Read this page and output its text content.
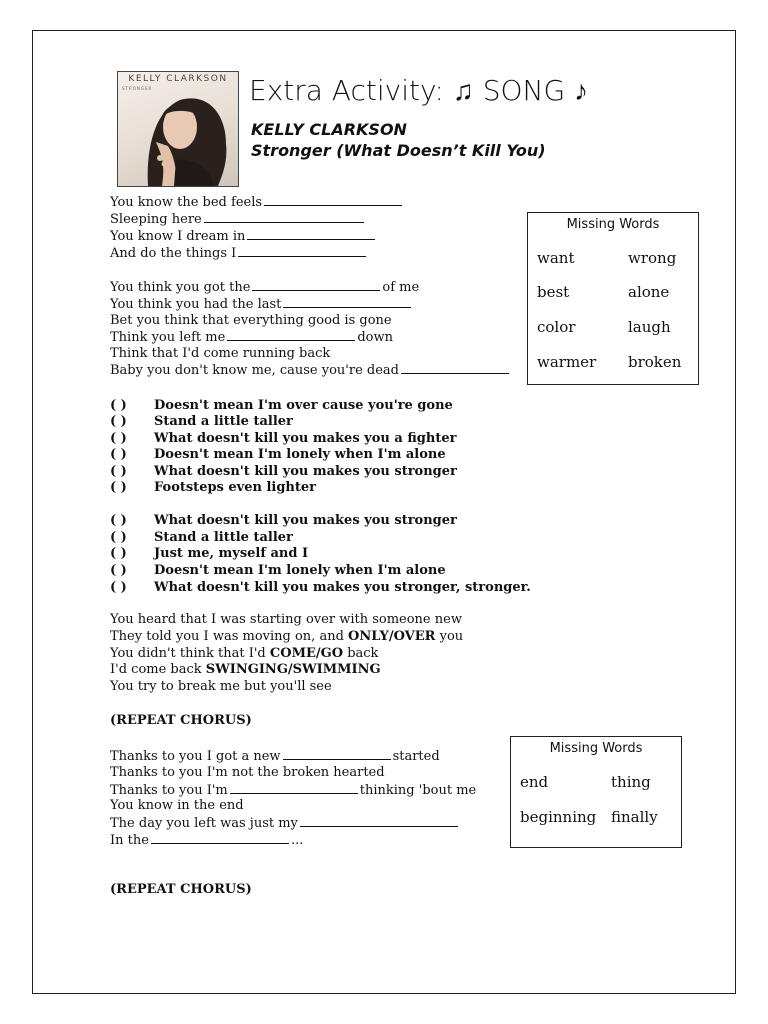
KELLY CLARKSON
STRONGER	Extra Activity: ♫ SONG ♪
KELLY CLARKSON
Stronger (What Doesn’t Kill You)
You know the bed feels
Sleeping here
You know I dream in
And do the things I
You think you got the	of me
You think you had the last
Bet you think that everything good is gone
Think you left me	down
Think that I'd come running back
Baby you don't know me, cause you're dead
Missing Words
want	wrong
best	alone
color	laugh
warmer broken
( ) Doesn't mean I'm over cause you're gone
( ) Stand a little taller
( ) What doesn't kill you makes you a fighter
( ) Doesn't mean I'm lonely when I'm alone
( ) What doesn't kill you makes you stronger
( ) Footsteps even lighter
( ) What doesn't kill you makes you stronger
( ) Stand a little taller
( ) Just me, myself and I
( ) Doesn't mean I'm lonely when I'm alone
( ) What doesn't kill you makes you stronger, stronger.
You heard that I was starting over with someone new
They told you I was moving on, and ONLY/OVER you
You didn't think that I'd COME/GO back
I'd come back SWINGING/SWIMMING
You try to break me but you'll see
(REPEAT CHORUS)
Thanks to you I got a new	started
Thanks to you I'm not the broken hearted
Thanks to you I'm	thinking 'bout me
You know in the end
The day you left was just my
In the	...
Missing Words
end	thing
beginning finally
(REPEAT CHORUS)
